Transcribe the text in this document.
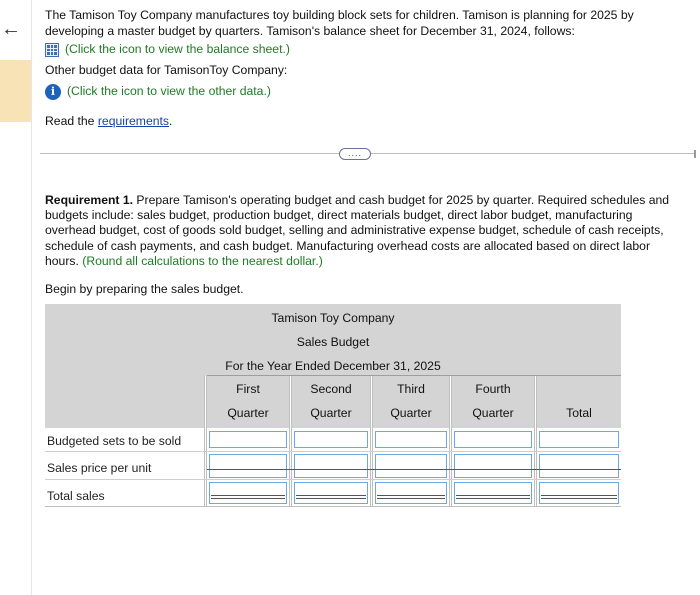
←

The Tamison Toy Company manufactures toy building block sets for children. Tamison is planning for 2025 by developing a master budget by quarters. Tamison's balance sheet for December 31, 2024, follows:

(Click the icon to view the balance sheet.)

Other budget data for TamisonToy Company:

i (Click the icon to view the other data.)

Read the requirements.

....

Requirement 1. Prepare Tamison's operating budget and cash budget for 2025 by quarter. Required schedules and budgets include: sales budget, production budget, direct materials budget, direct labor budget, manufacturing overhead budget, cost of goods sold budget, selling and administrative expense budget, schedule of cash receipts, schedule of cash payments, and cash budget. Manufacturing overhead costs are allocated based on direct labor hours. (Round all calculations to the nearest dollar.)

Begin by preparing the sales budget.

Tamison Toy Company
Sales Budget
For the Year Ended December 31, 2025
First
Quarter
Second
Quarter
Third
Quarter
Fourth
Quarter	Total
Budgeted sets to be sold
Sales price per unit
Total sales
